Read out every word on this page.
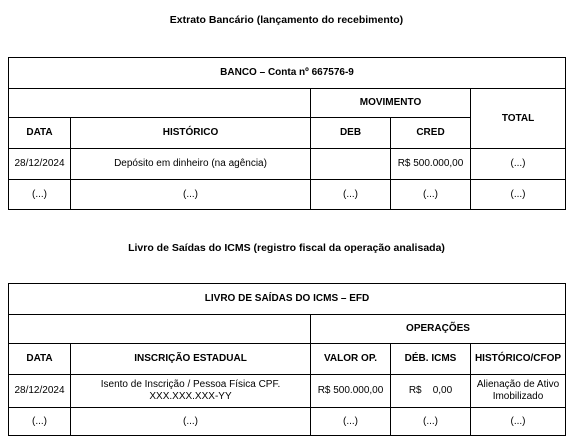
Extrato Bancário (lançamento do recebimento)
BANCO – Conta nº 667576-9				
		MOVIMENTO		TOTAL
DATA	HISTÓRICO	DEB	CRED	
28/12/2024	Depósito em dinheiro (na agência)		R$ 500.000,00	(...)
(...)	(...)	(...)	(...)	(...)
Livro de Saídas do ICMS (registro fiscal da operação analisada)
LIVRO DE SAÍDAS DO ICMS – EFD				
		OPERAÇÕES		
DATA	INSCRIÇÃO ESTADUAL	VALOR OP.	DÉB. ICMS	HISTÓRICO/CFOP
28/12/2024	Isento de Inscrição / Pessoa Física CPF. XXX.XXX.XXX-YY	R$ 500.000,00	R$    0,00	Alienação de Ativo Imobilizado
(...)	(...)	(...)	(...)	(...)
